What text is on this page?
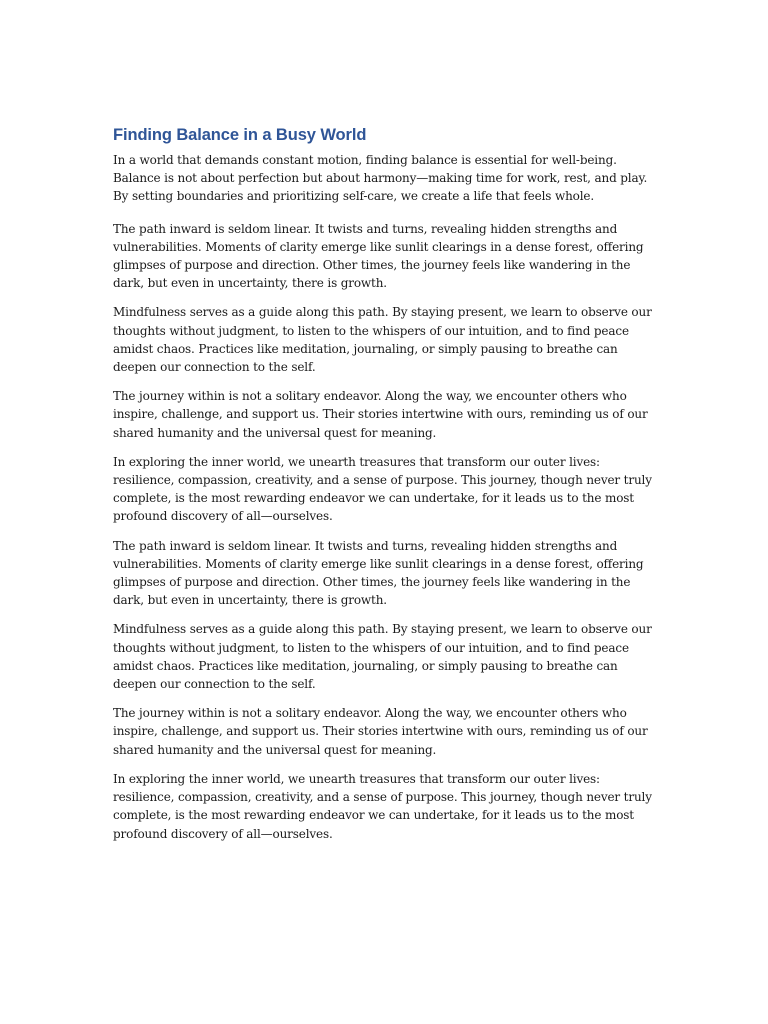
Finding Balance in a Busy World

In a world that demands constant motion, finding balance is essential for well-being. Balance is not about perfection but about harmony—making time for work, rest, and play. By setting boundaries and prioritizing self-care, we create a life that feels whole.

The path inward is seldom linear. It twists and turns, revealing hidden strengths and vulnerabilities. Moments of clarity emerge like sunlit clearings in a dense forest, offering glimpses of purpose and direction. Other times, the journey feels like wandering in the dark, but even in uncertainty, there is growth.

Mindfulness serves as a guide along this path. By staying present, we learn to observe our thoughts without judgment, to listen to the whispers of our intuition, and to find peace amidst chaos. Practices like meditation, journaling, or simply pausing to breathe can deepen our connection to the self.

The journey within is not a solitary endeavor. Along the way, we encounter others who inspire, challenge, and support us. Their stories intertwine with ours, reminding us of our shared humanity and the universal quest for meaning.

In exploring the inner world, we unearth treasures that transform our outer lives: resilience, compassion, creativity, and a sense of purpose. This journey, though never truly complete, is the most rewarding endeavor we can undertake, for it leads us to the most profound discovery of all—ourselves.

The path inward is seldom linear. It twists and turns, revealing hidden strengths and vulnerabilities. Moments of clarity emerge like sunlit clearings in a dense forest, offering glimpses of purpose and direction. Other times, the journey feels like wandering in the dark, but even in uncertainty, there is growth.

Mindfulness serves as a guide along this path. By staying present, we learn to observe our thoughts without judgment, to listen to the whispers of our intuition, and to find peace amidst chaos. Practices like meditation, journaling, or simply pausing to breathe can deepen our connection to the self.

The journey within is not a solitary endeavor. Along the way, we encounter others who inspire, challenge, and support us. Their stories intertwine with ours, reminding us of our shared humanity and the universal quest for meaning.

In exploring the inner world, we unearth treasures that transform our outer lives: resilience, compassion, creativity, and a sense of purpose. This journey, though never truly complete, is the most rewarding endeavor we can undertake, for it leads us to the most profound discovery of all—ourselves.
